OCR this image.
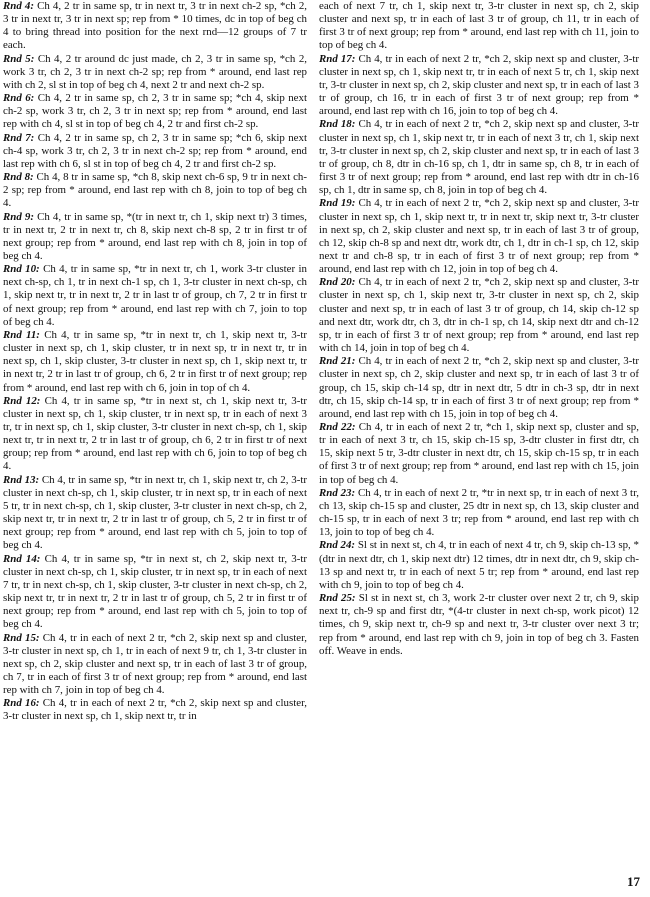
Rnd 4: Ch 4, 2 tr in same sp, tr in next tr, 3 tr in next ch-2 sp, *ch 2, 3 tr in next tr, 3 tr in next sp; rep from * 10 times, dc in top of beg ch 4 to bring thread into position for the next rnd—12 groups of 7 tr each.

Rnd 5: Ch 4, 2 tr around dc just made, ch 2, 3 tr in same sp, *ch 2, work 3 tr, ch 2, 3 tr in next ch-2 sp; rep from * around, end last rep with ch 2, sl st in top of beg ch 4, next 2 tr and next ch-2 sp.

Rnd 6: Ch 4, 2 tr in same sp, ch 2, 3 tr in same sp; *ch 4, skip next ch-2 sp, work 3 tr, ch 2, 3 tr in next sp; rep from * around, end last rep with ch 4, sl st in top of beg ch 4, 2 tr and first ch-2 sp.

Rnd 7: Ch 4, 2 tr in same sp, ch 2, 3 tr in same sp; *ch 6, skip next ch-4 sp, work 3 tr, ch 2, 3 tr in next ch-2 sp; rep from * around, end last rep with ch 6, sl st in top of beg ch 4, 2 tr and first ch-2 sp.

Rnd 8: Ch 4, 8 tr in same sp, *ch 8, skip next ch-6 sp, 9 tr in next ch-2 sp; rep from * around, end last rep with ch 8, join to top of beg ch 4.

Rnd 9: Ch 4, tr in same sp, *(tr in next tr, ch 1, skip next tr) 3 times, tr in next tr, 2 tr in next tr, ch 8, skip next ch-8 sp, 2 tr in first tr of next group; rep from * around, end last rep with ch 8, join in top of beg ch 4.

Rnd 10: Ch 4, tr in same sp, *tr in next tr, ch 1, work 3-tr cluster in next ch-sp, ch 1, tr in next ch-1 sp, ch 1, 3-tr cluster in next ch-sp, ch 1, skip next tr, tr in next tr, 2 tr in last tr of group, ch 7, 2 tr in first tr of next group; rep from * around, end last rep with ch 7, join to top of beg ch 4.

Rnd 11: Ch 4, tr in same sp, *tr in next tr, ch 1, skip next tr, 3-tr cluster in next sp, ch 1, skip cluster, tr in next sp, tr in next tr, tr in next sp, ch 1, skip cluster, 3-tr cluster in next sp, ch 1, skip next tr, tr in next tr, 2 tr in last tr of group, ch 6, 2 tr in first tr of next group; rep from * around, end last rep with ch 6, join in top of ch 4.

Rnd 12: Ch 4, tr in same sp, *tr in next st, ch 1, skip next tr, 3-tr cluster in next sp, ch 1, skip cluster, tr in next sp, tr in each of next 3 tr, tr in next sp, ch 1, skip cluster, 3-tr cluster in next ch-sp, ch 1, skip next tr, tr in next tr, 2 tr in last tr of group, ch 6, 2 tr in first tr of next group; rep from * around, end last rep with ch 6, join to top of beg ch 4.

Rnd 13: Ch 4, tr in same sp, *tr in next tr, ch 1, skip next tr, ch 2, 3-tr cluster in next ch-sp, ch 1, skip cluster, tr in next sp, tr in each of next 5 tr, tr in next ch-sp, ch 1, skip cluster, 3-tr cluster in next ch-sp, ch 2, skip next tr, tr in next tr, 2 tr in last tr of group, ch 5, 2 tr in first tr of next group; rep from * around, end last rep with ch 5, join to top of beg ch 4.

Rnd 14: Ch 4, tr in same sp, *tr in next st, ch 2, skip next tr, 3-tr cluster in next ch-sp, ch 1, skip cluster, tr in next sp, tr in each of next 7 tr, tr in next ch-sp, ch 1, skip cluster, 3-tr cluster in next ch-sp, ch 2, skip next tr, tr in next tr, 2 tr in last tr of group, ch 5, 2 tr in first tr of next group; rep from * around, end last rep with ch 5, join to top of beg ch 4.

Rnd 15: Ch 4, tr in each of next 2 tr, *ch 2, skip next sp and cluster, 3-tr cluster in next sp, ch 1, tr in each of next 9 tr, ch 1, 3-tr cluster in next sp, ch 2, skip cluster and next sp, tr in each of last 3 tr of group, ch 7, tr in each of first 3 tr of next group; rep from * around, end last rep with ch 7, join in top of beg ch 4.

Rnd 16: Ch 4, tr in each of next 2 tr, *ch 2, skip next sp and cluster, 3-tr cluster in next sp, ch 1, skip next tr, tr in

each of next 7 tr, ch 1, skip next tr, 3-tr cluster in next sp, ch 2, skip cluster and next sp, tr in each of last 3 tr of group, ch 11, tr in each of first 3 tr of next group; rep from * around, end last rep with ch 11, join to top of beg ch 4.

Rnd 17: Ch 4, tr in each of next 2 tr, *ch 2, skip next sp and cluster, 3-tr cluster in next sp, ch 1, skip next tr, tr in each of next 5 tr, ch 1, skip next tr, 3-tr cluster in next sp, ch 2, skip cluster and next sp, tr in each of last 3 tr of group, ch 16, tr in each of first 3 tr of next group; rep from * around, end last rep with ch 16, join to top of beg ch 4.

Rnd 18: Ch 4, tr in each of next 2 tr, *ch 2, skip next sp and cluster, 3-tr cluster in next sp, ch 1, skip next tr, tr in each of next 3 tr, ch 1, skip next tr, 3-tr cluster in next sp, ch 2, skip cluster and next sp, tr in each of last 3 tr of group, ch 8, dtr in ch-16 sp, ch 1, dtr in same sp, ch 8, tr in each of first 3 tr of next group; rep from * around, end last rep with dtr in ch-16 sp, ch 1, dtr in same sp, ch 8, join in top of beg ch 4.

Rnd 19: Ch 4, tr in each of next 2 tr, *ch 2, skip next sp and cluster, 3-tr cluster in next sp, ch 1, skip next tr, tr in next tr, skip next tr, 3-tr cluster in next sp, ch 2, skip cluster and next sp, tr in each of last 3 tr of group, ch 12, skip ch-8 sp and next dtr, work dtr, ch 1, dtr in ch-1 sp, ch 12, skip next tr and ch-8 sp, tr in each of first 3 tr of next group; rep from * around, end last rep with ch 12, join in top of beg ch 4.

Rnd 20: Ch 4, tr in each of next 2 tr, *ch 2, skip next sp and cluster, 3-tr cluster in next sp, ch 1, skip next tr, 3-tr cluster in next sp, ch 2, skip cluster and next sp, tr in each of last 3 tr of group, ch 14, skip ch-12 sp and next dtr, work dtr, ch 3, dtr in ch-1 sp, ch 14, skip next dtr and ch-12 sp, tr in each of first 3 tr of next group; rep from * around, end last rep with ch 14, join in top of beg ch 4.

Rnd 21: Ch 4, tr in each of next 2 tr, *ch 2, skip next sp and cluster, 3-tr cluster in next sp, ch 2, skip cluster and next sp, tr in each of last 3 tr of group, ch 15, skip ch-14 sp, dtr in next dtr, 5 dtr in ch-3 sp, dtr in next dtr, ch 15, skip ch-14 sp, tr in each of first 3 tr of next group; rep from * around, end last rep with ch 15, join in top of beg ch 4.

Rnd 22: Ch 4, tr in each of next 2 tr, *ch 1, skip next sp, cluster and sp, tr in each of next 3 tr, ch 15, skip ch-15 sp, 3-dtr cluster in first dtr, ch 15, skip next 5 tr, 3-dtr cluster in next dtr, ch 15, skip ch-15 sp, tr in each of first 3 tr of next group; rep from * around, end last rep with ch 15, join in top of beg ch 4.

Rnd 23: Ch 4, tr in each of next 2 tr, *tr in next sp, tr in each of next 3 tr, ch 13, skip ch-15 sp and cluster, 25 dtr in next sp, ch 13, skip cluster and ch-15 sp, tr in each of next 3 tr; rep from * around, end last rep with ch 13, join to top of beg ch 4.

Rnd 24: Sl st in next st, ch 4, tr in each of next 4 tr, ch 9, skip ch-13 sp, *(dtr in next dtr, ch 1, skip next dtr) 12 times, dtr in next dtr, ch 9, skip ch-13 sp and next tr, tr in each of next 5 tr; rep from * around, end last rep with ch 9, join to top of beg ch 4.

Rnd 25: Sl st in next st, ch 3, work 2-tr cluster over next 2 tr, ch 9, skip next tr, ch-9 sp and first dtr, *(4-tr cluster in next ch-sp, work picot) 12 times, ch 9, skip next tr, ch-9 sp and next tr, 3-tr cluster over next 3 tr; rep from * around, end last rep with ch 9, join in top of beg ch 3. Fasten off. Weave in ends.

17
